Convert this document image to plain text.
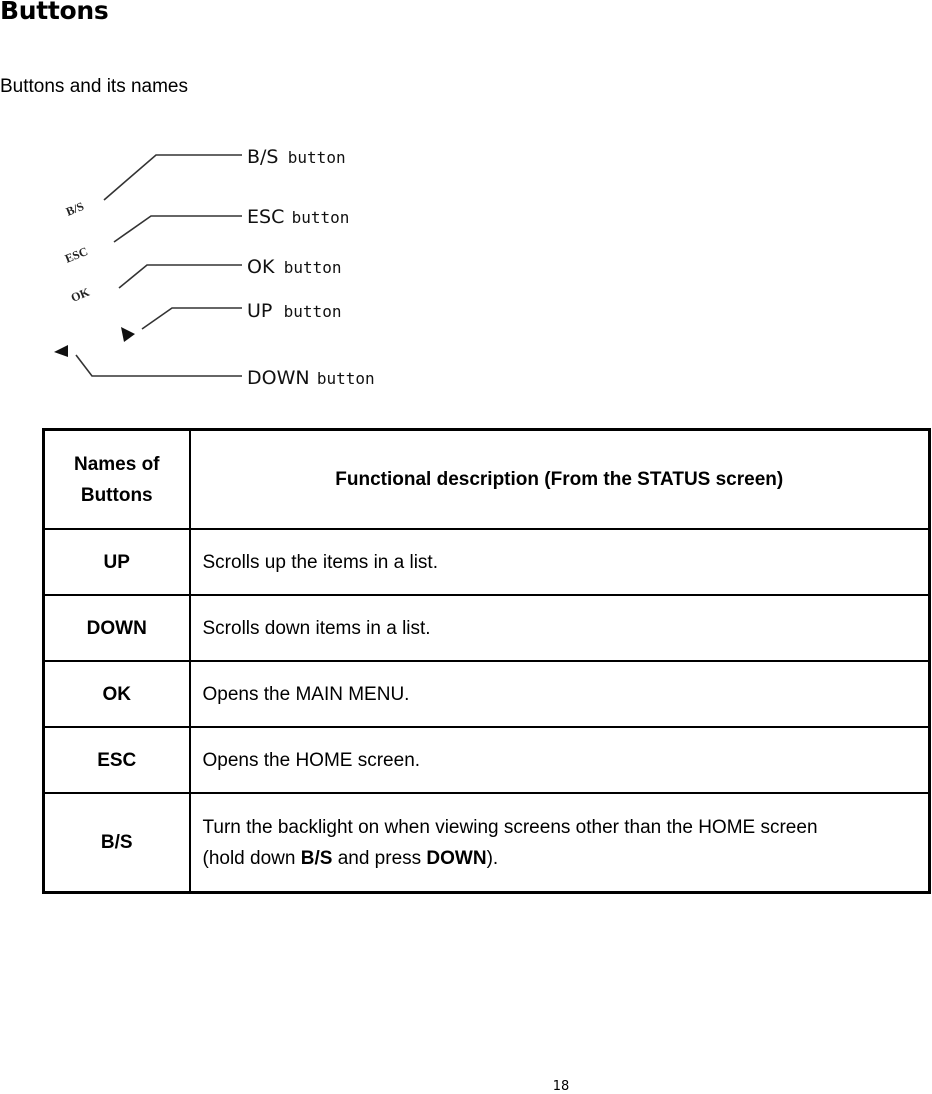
Buttons

Buttons and its names

B/S
ESC
OK
B/S button
ESC button
OK button
UP button
DOWN button
Names of
Buttons	Functional description (From the STATUS screen)
UP	Scrolls up the items in a list.
DOWN	Scrolls down items in a list.
OK	Opens the MAIN MENU.
ESC	Opens the HOME screen.
B/S	Turn the backlight on when viewing screens other than the HOME screen
(hold down B/S and press DOWN).
18
